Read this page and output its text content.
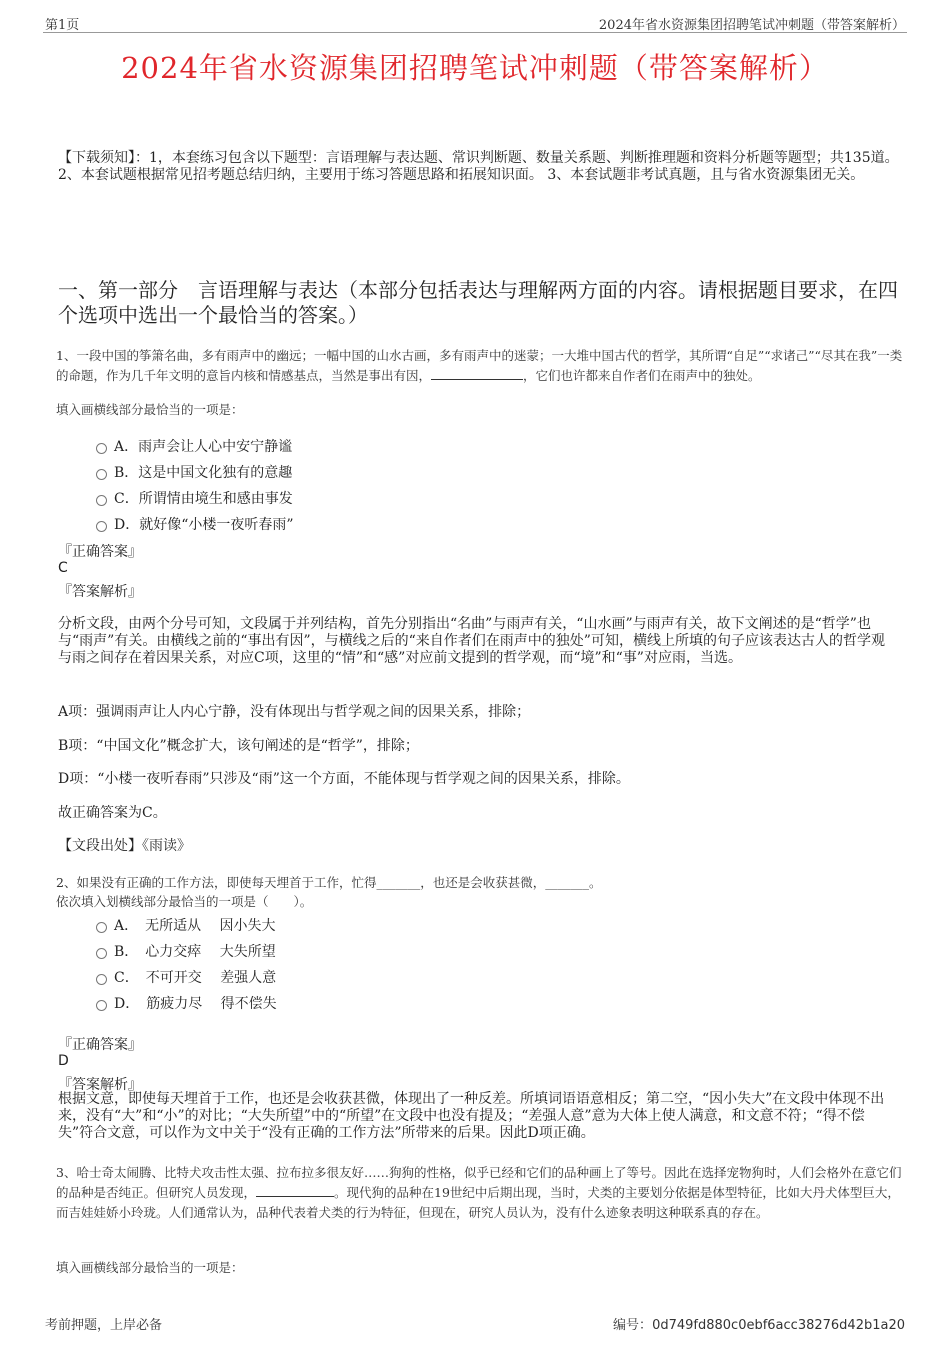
第1页	2024年省水资源集团招聘笔试冲刺题（带答案解析）
2024年省水资源集团招聘笔试冲刺题（带答案解析）
【下载须知】：1，本套练习包含以下题型：言语理解与表达题、常识判断题、数量关系题、判断推理题和资料分析题等题型；共135道。 2、本套试题根据常见招考题总结归纳，主要用于练习答题思路和拓展知识面。 3、本套试题非考试真题，且与省水资源集团无关。
一、第一部分　言语理解与表达（本部分包括表达与理解两方面的内容。请根据题目要求，在四个选项中选出一个最恰当的答案。）
1、一段中国的筝箫名曲，多有雨声中的幽远；一幅中国的山水古画，多有雨声中的迷蒙；一大堆中国古代的哲学，其所谓“自足”“求诸己”“尽其在我”一类的命题，作为几千年文明的意旨内核和情感基点，当然是事出有因，	，它们也许都来自作者们在雨声中的独处。
填入画横线部分最恰当的一项是：
A．雨声会让人心中安宁静谧
B．这是中国文化独有的意趣
C．所谓情由境生和感由事发
D．就好像“小楼一夜听春雨”
『正确答案』
C
『答案解析』
分析文段，由两个分号可知，文段属于并列结构，首先分别指出“名曲”与雨声有关，“山水画”与雨声有关，故下文阐述的是“哲学”也与“雨声”有关。由横线之前的“事出有因”，与横线之后的“来自作者们在雨声中的独处”可知，横线上所填的句子应该表达古人的哲学观与雨之间存在着因果关系，对应C项，这里的“情”和“感”对应前文提到的哲学观，而“境”和“事”对应雨，当选。
A项：强调雨声让人内心宁静，没有体现出与哲学观之间的因果关系，排除；
B项：“中国文化”概念扩大，该句阐述的是“哲学”，排除；
D项：“小楼一夜听春雨”只涉及“雨”这一个方面，不能体现与哲学观之间的因果关系，排除。
故正确答案为C。
【文段出处】《雨读》
2、如果没有正确的工作方法，即使每天埋首于工作，忙得_______，也还是会收获甚微，_______。
依次填入划横线部分最恰当的一项是（　　）。
A．　无所适从　 因小失大
B．　心力交瘁　 大失所望
C．　不可开交　 差强人意
D．　筋疲力尽　 得不偿失
『正确答案』
D
『答案解析』
根据文意，即使每天埋首于工作，也还是会收获甚微，体现出了一种反差。所填词语语意相反；第二空，“因小失大”在文段中体现不出来，没有“大”和“小”的对比；“大失所望”中的“所望”在文段中也没有提及；“差强人意”意为大体上使人满意，和文意不符；“得不偿失”符合文意，可以作为文中关于“没有正确的工作方法”所带来的后果。因此D项正确。
3、哈士奇太闹腾、比特犬攻击性太强、拉布拉多很友好……狗狗的性格，似乎已经和它们的品种画上了等号。因此在选择宠物狗时，人们会格外在意它们的品种是否纯正。但研究人员发现，	。现代狗的品种在19世纪中后期出现，当时，犬类的主要划分依据是体型特征，比如大丹犬体型巨大，而吉娃娃娇小玲珑。人们通常认为，品种代表着犬类的行为特征，但现在，研究人员认为，没有什么迹象表明这种联系真的存在。
填入画横线部分最恰当的一项是：
考前押题，上岸必备	编号：0d749fd880c0ebf6acc38276d42b1a20
